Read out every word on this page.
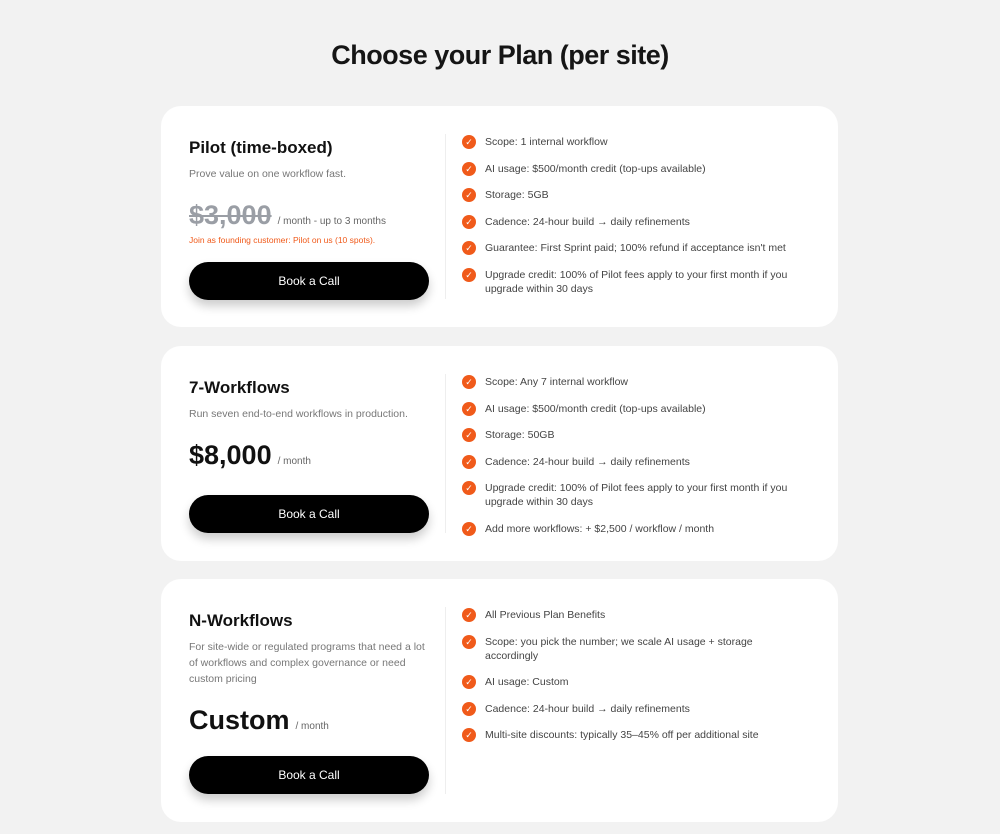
Choose your Plan (per site)
Pilot (time-boxed)
Prove value on one workflow fast.
$3,000 / month - up to 3 months
Join as founding customer: Pilot on us (10 spots).
Book a Call
✓	Scope: 1 internal workflow
✓	AI usage: $500/month credit (top-ups available)
✓	Storage: 5GB
✓	Cadence: 24-hour build → daily refinements
✓	Guarantee: First Sprint paid; 100% refund if acceptance isn't met
✓	Upgrade credit: 100% of Pilot fees apply to your first month if you upgrade within 30 days
7-Workflows
Run seven end-to-end workflows in production.
$8,000 / month
Book a Call
✓	Scope: Any 7 internal workflow
✓	AI usage: $500/month credit (top-ups available)
✓	Storage: 50GB
✓	Cadence: 24-hour build → daily refinements
✓	Upgrade credit: 100% of Pilot fees apply to your first month if you upgrade within 30 days
✓	Add more workflows: + $2,500 / workflow / month
N-Workflows
For site-wide or regulated programs that need a lot of workflows and complex governance or need custom pricing
Custom / month
Book a Call
✓	All Previous Plan Benefits
✓	Scope: you pick the number; we scale AI usage + storage accordingly
✓	AI usage: Custom
✓	Cadence: 24-hour build → daily refinements
✓	Multi-site discounts: typically 35–45% off per additional site
